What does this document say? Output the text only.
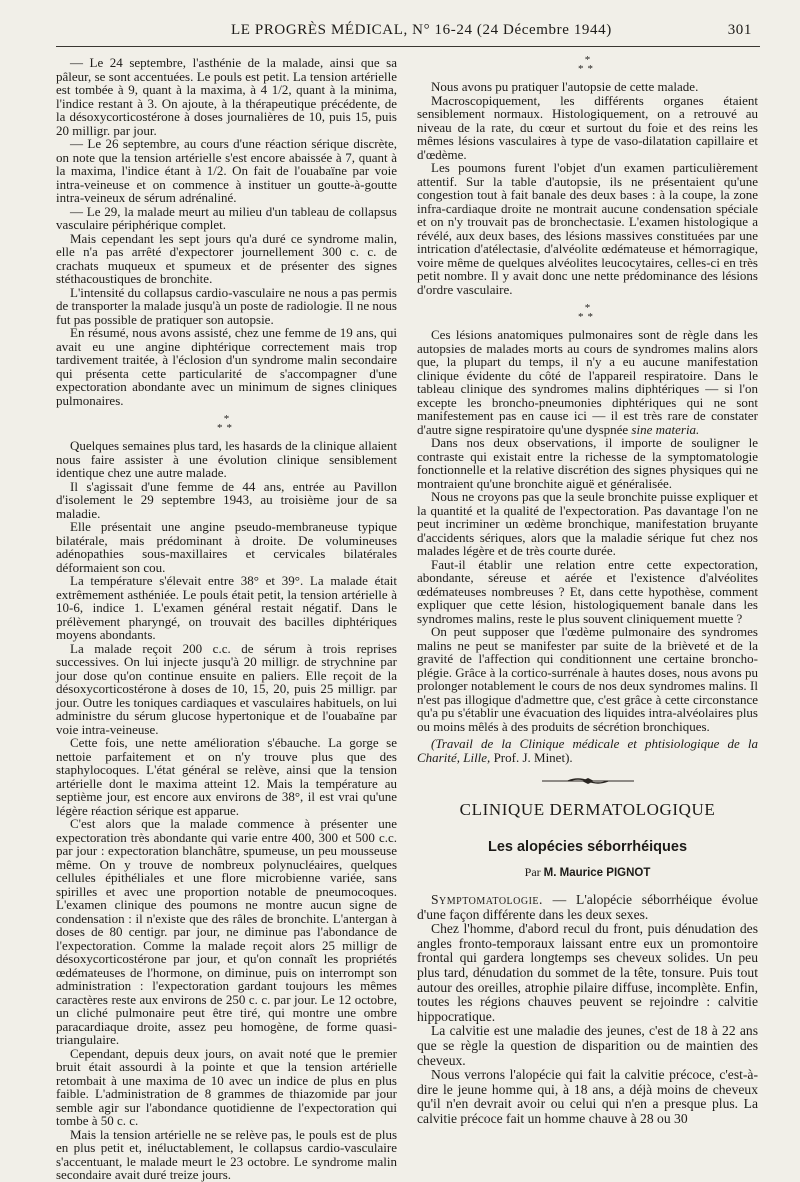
LE PROGRÈS MÉDICAL, N° 16-24 (24 Décembre 1944)	301

— Le 24 septembre, l'asthénie de la malade, ainsi que sa pâleur, se sont accentuées. Le pouls est petit. La tension artérielle est tombée à 9, quant à la maxima, à 4 1/2, quant à la minima, l'indice restant à 3. On ajoute, à la thérapeutique précédente, de la désoxycorticostérone à doses journalières de 10, puis 15, puis 20 milligr. par jour.

— Le 26 septembre, au cours d'une réaction sérique discrète, on note que la tension artérielle s'est encore abaissée à 7, quant à la maxima, l'indice étant à 1/2. On fait de l'ouabaïne par voie intra-veineuse et on commence à instituer un goutte-à-goutte intra-veineux de sérum adrénaliné.

— Le 29, la malade meurt au milieu d'un tableau de collapsus vasculaire périphérique complet.

Mais cependant les sept jours qu'a duré ce syndrome malin, elle n'a pas arrêté d'expectorer journellement 300 c. c. de crachats muqueux et spumeux et de présenter des signes stéthacoustiques de bronchite.

L'intensité du collapsus cardio-vasculaire ne nous a pas permis de transporter la malade jusqu'à un poste de radiologie. Il ne nous fut pas possible de pratiquer son autopsie.

En résumé, nous avons assisté, chez une femme de 19 ans, qui avait eu une angine diphtérique correctement mais trop tardivement traitée, à l'éclosion d'un syndrome malin secondaire qui présenta cette particularité de s'accompagner d'une expectoration abondante avec un minimum de signes cliniques pulmonaires.

*
**

Quelques semaines plus tard, les hasards de la clinique allaient nous faire assister à une évolution clinique sensiblement identique chez une autre malade.

Il s'agissait d'une femme de 44 ans, entrée au Pavillon d'isolement le 29 septembre 1943, au troisième jour de sa maladie.

Elle présentait une angine pseudo-membraneuse typique bilatérale, mais prédominant à droite. De volumineuses adénopathies sous-maxillaires et cervicales bilatérales déformaient son cou.

La température s'élevait entre 38° et 39°. La malade était extrêmement asthéniée. Le pouls était petit, la tension artérielle à 10-6, indice 1. L'examen général restait négatif. Dans le prélèvement pharyngé, on trouvait des bacilles diphtériques moyens abondants.

La malade reçoit 200 c.c. de sérum à trois reprises successives. On lui injecte jusqu'à 20 milligr. de strychnine par jour dose qu'on continue ensuite en paliers. Elle reçoit de la désoxycorticostérone à doses de 10, 15, 20, puis 25 milligr. par jour. Outre les toniques cardiaques et vasculaires habituels, on lui administre du sérum glucose hypertonique et de l'ouabaïne par voie intra-veineuse.

Cette fois, une nette amélioration s'ébauche. La gorge se nettoie parfaitement et on n'y trouve plus que des staphylocoques. L'état général se relève, ainsi que la tension artérielle dont le maxima atteint 12. Mais la température au septième jour, est encore aux environs de 38°, il est vrai qu'une légère réaction sérique est apparue.

C'est alors que la malade commence à présenter une expectoration très abondante qui varie entre 400, 300 et 500 c.c. par jour : expectoration blanchâtre, spumeuse, un peu mousseuse même. On y trouve de nombreux polynucléaires, quelques cellules épithéliales et une flore microbienne variée, sans spirilles et avec une proportion notable de pneumocoques. L'examen clinique des poumons ne montre aucun signe de condensation : il n'existe que des râles de bronchite. L'antergan à doses de 80 centigr. par jour, ne diminue pas l'abondance de l'expectoration. Comme la malade reçoit alors 25 milligr de désoxycorticostérone par jour, et qu'on connaît les propriétés œdémateuses de l'hormone, on diminue, puis on interrompt son administration : l'expectoration gardant toujours les mêmes caractères reste aux environs de 250 c. c. par jour. Le 12 octobre, un cliché pulmonaire peut être tiré, qui montre une ombre paracardiaque droite, assez peu homogène, de forme quasi-triangulaire.

Cependant, depuis deux jours, on avait noté que le premier bruit était assourdi à la pointe et que la tension artérielle retombait à une maxima de 10 avec un indice de plus en plus faible. L'administration de 8 grammes de thiazomide par jour semble agir sur l'abondance quotidienne de l'expectoration qui tombe à 50 c. c.

Mais la tension artérielle ne se relève pas, le pouls est de plus en plus petit et, inéluctablement, le collapsus cardio-vasculaire s'accentuant, le malade meurt le 23 octobre. Le syndrome malin secondaire avait duré treize jours.

*
**

Nous avons pu pratiquer l'autopsie de cette malade.

Macroscopiquement, les différents organes étaient sensiblement normaux. Histologiquement, on a retrouvé au niveau de la rate, du cœur et surtout du foie et des reins les mêmes lésions vasculaires à type de vaso-dilatation capillaire et d'œdème.

Les poumons furent l'objet d'un examen particulièrement attentif. Sur la table d'autopsie, ils ne présentaient qu'une congestion tout à fait banale des deux bases : à la coupe, la zone infra-cardiaque droite ne montrait aucune condensation spéciale et on n'y trouvait pas de bronchectasie. L'examen histologique a révélé, aux deux bases, des lésions massives constituées par une intrication d'atélectasie, d'alvéolite œdémateuse et hémorragique, voire même de quelques alvéolites leucocytaires, celles-ci en très petit nombre. Il y avait donc une nette prédominance des lésions d'ordre vasculaire.

*
**

Ces lésions anatomiques pulmonaires sont de règle dans les autopsies de malades morts au cours de syndromes malins alors que, la plupart du temps, il n'y a eu aucune manifestation clinique évidente du côté de l'appareil respiratoire. Dans le tableau clinique des syndromes malins diphtériques — si l'on excepte les broncho-pneumonies diphtériques qui ne sont manifestement pas en cause ici — il est très rare de constater d'autre signe respiratoire qu'une dyspnée sine materia.

Dans nos deux observations, il importe de souligner le contraste qui existait entre la richesse de la symptomatologie fonctionnelle et la relative discrétion des signes physiques qui ne montraient qu'une bronchite aiguë et généralisée.

Nous ne croyons pas que la seule bronchite puisse expliquer et la quantité et la qualité de l'expectoration. Pas davantage l'on ne peut incriminer un œdème bronchique, manifestation bruyante d'accidents sériques, alors que la maladie sérique fut chez nos malades légère et de très courte durée.

Faut-il établir une relation entre cette expectoration, abondante, séreuse et aérée et l'existence d'alvéolites œdémateuses nombreuses ? Et, dans cette hypothèse, comment expliquer que cette lésion, histologiquement banale dans les syndromes malins, reste le plus souvent cliniquement muette ?

On peut supposer que l'œdème pulmonaire des syndromes malins ne peut se manifester par suite de la brièveté et de la gravité de l'affection qui conditionnent une certaine broncho-plégie. Grâce à la cortico-surrénale à hautes doses, nous avons pu prolonger notablement le cours de nos deux syndromes malins. Il n'est pas illogique d'admettre que, c'est grâce à cette circonstance qu'a pu s'établir une évacuation des liquides intra-alvéolaires plus ou moins mêlés à des produits de sécrétion bronchiques.

(Travail de la Clinique médicale et phtisiologique de la Charité, Lille, Prof. J. Minet).

CLINIQUE DERMATOLOGIQUE
Les alopécies séborrhéiques
Par M. Maurice PIGNOT

Symptomatologie. — L'alopécie séborrhéique évolue d'une façon différente dans les deux sexes.

Chez l'homme, d'abord recul du front, puis dénudation des angles fronto-temporaux laissant entre eux un promontoire frontal qui gardera longtemps ses cheveux solides. Un peu plus tard, dénudation du sommet de la tête, tonsure. Puis tout autour des oreilles, atrophie pilaire diffuse, incomplète. Enfin, toutes les régions chauves peuvent se rejoindre : calvitie hippocratique.

La calvitie est une maladie des jeunes, c'est de 18 à 22 ans que se règle la question de disparition ou de maintien des cheveux.

Nous verrons l'alopécie qui fait la calvitie précoce, c'est-à-dire le jeune homme qui, à 18 ans, a déjà moins de cheveux qu'il n'en devrait avoir ou celui qui n'en a presque plus. La calvitie précoce fait un homme chauve à 28 ou 30
